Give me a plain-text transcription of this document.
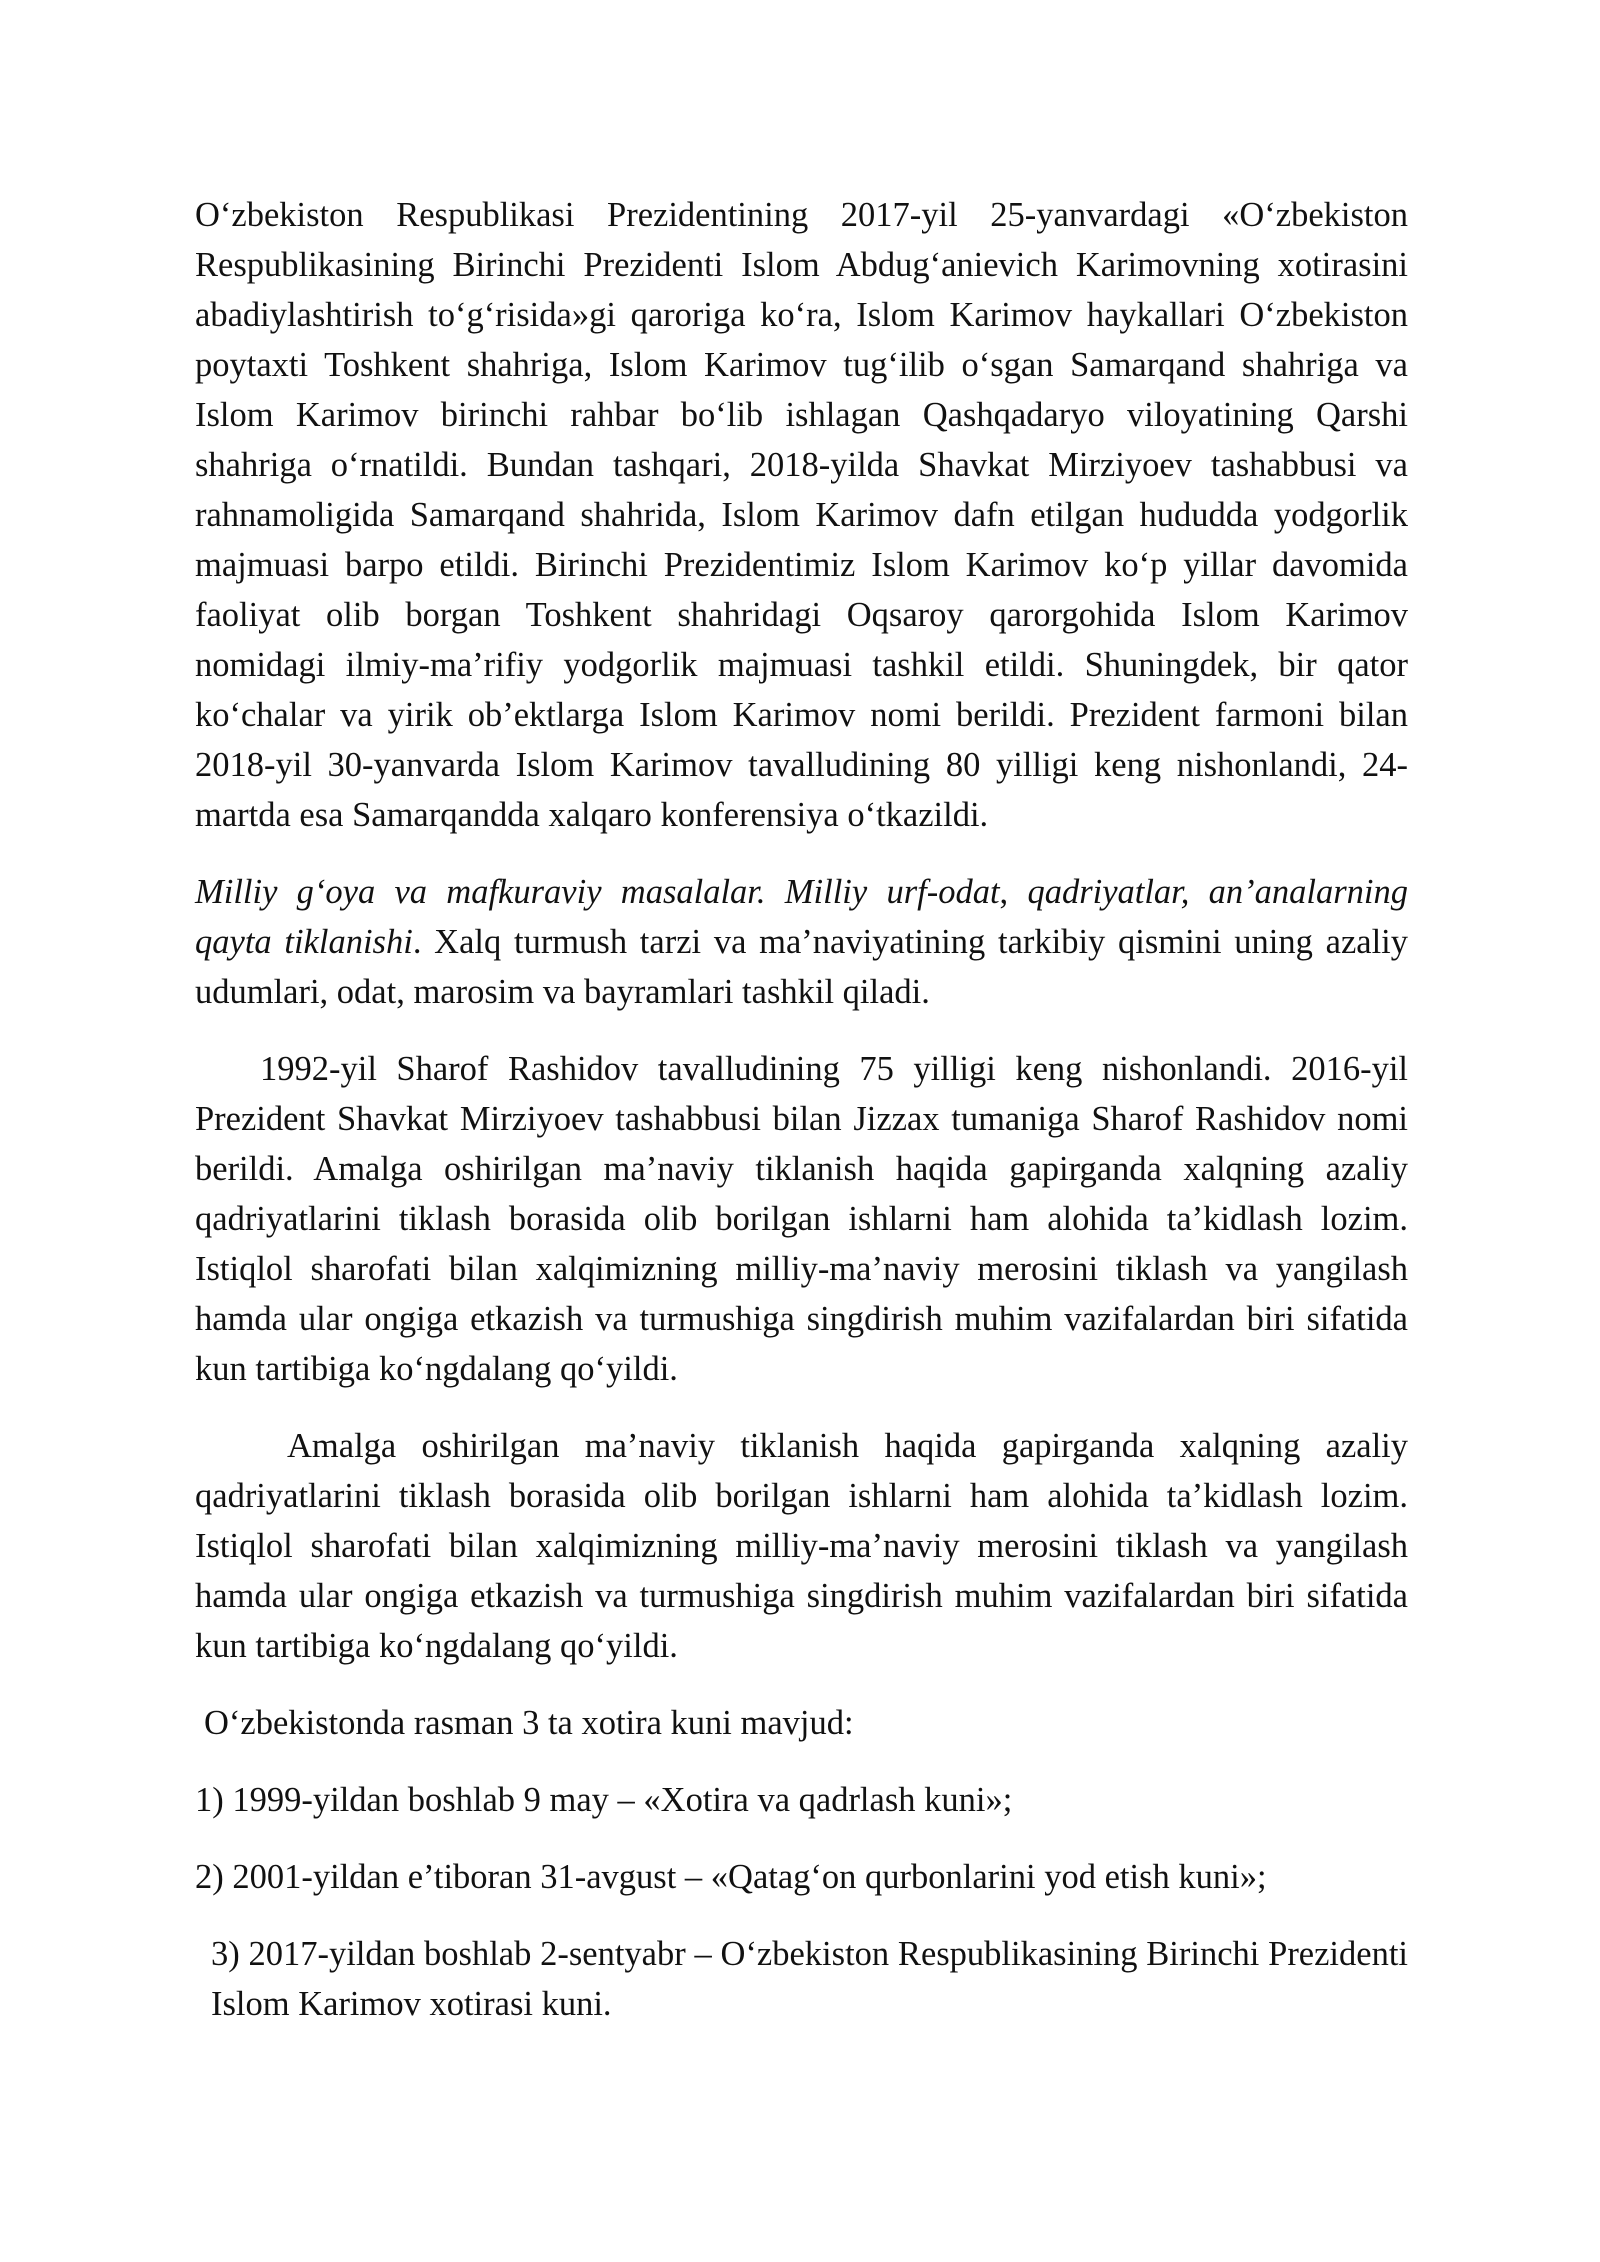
O‘zbekiston Respublikasi Prezidentining 2017-yil 25-yanvardagi «O‘zbekiston Respublikasining Birinchi Prezidenti Islom Abdug‘anievich Karimovning xotirasini abadiylashtirish to‘g‘risida»gi qaroriga ko‘ra, Islom Karimov haykallari O‘zbekiston poytaxti Toshkent shahriga, Islom Karimov tug‘ilib o‘sgan Samarqand shahriga va Islom Karimov birinchi rahbar bo‘lib ishlagan Qashqadaryo viloyatining Qarshi shahriga o‘rnatildi. Bundan tashqari, 2018-yilda Shavkat Mirziyoev tashabbusi va rahnamoligida Samarqand shahrida, Islom Karimov dafn etilgan hududda yodgorlik majmuasi barpo etildi. Birinchi Prezidentimiz Islom Karimov ko‘p yillar davomida faoliyat olib borgan Toshkent shahridagi Oqsaroy qarorgohida Islom Karimov nomidagi ilmiy-ma’rifiy yodgorlik majmuasi tashkil etildi. Shuningdek, bir qator ko‘chalar va yirik ob’ektlarga Islom Karimov nomi berildi. Prezident farmoni bilan 2018-yil 30-yanvarda Islom Karimov tavalludining 80 yilligi keng nishonlandi, 24-martda esa Samarqandda xalqaro konferensiya o‘tkazildi.

Milliy g‘oya va mafkuraviy masalalar. Milliy urf-odat, qadriyatlar, an’analarning qayta tiklanishi. Xalq turmush tarzi va ma’naviyatining tarkibiy qismini uning azaliy udumlari, odat, marosim va bayramlari tashkil qiladi.

1992-yil Sharof Rashidov tavalludining 75 yilligi keng nishonlandi. 2016-yil Prezident Shavkat Mirziyoev tashabbusi bilan Jizzax tumaniga Sharof Rashidov nomi berildi. Amalga oshirilgan ma’naviy tiklanish haqida gapirganda xalqning azaliy qadriyatlarini tiklash borasida olib borilgan ishlarni ham alohida ta’kidlash lozim. Istiqlol sharofati bilan xalqimizning milliy-ma’naviy merosini tiklash va yangilash hamda ular ongiga etkazish va turmushiga singdirish muhim vazifalardan biri sifatida kun tartibiga ko‘ngdalang qo‘yildi.

Amalga oshirilgan ma’naviy tiklanish haqida gapirganda xalqning azaliy qadriyatlarini tiklash borasida olib borilgan ishlarni ham alohida ta’kidlash lozim. Istiqlol sharofati bilan xalqimizning milliy-ma’naviy merosini tiklash va yangilash hamda ular ongiga etkazish va turmushiga singdirish muhim vazifalardan biri sifatida kun tartibiga ko‘ngdalang qo‘yildi.

O‘zbekistonda rasman 3 ta xotira kuni mavjud:

1) 1999-yildan boshlab 9 may – «Xotira va qadrlash kuni»;

2) 2001-yildan e’tiboran 31-avgust – «Qatag‘on qurbonlarini yod etish kuni»;

3) 2017-yildan boshlab 2-sentyabr – O‘zbekiston Respublikasining Birinchi Prezidenti Islom Karimov xotirasi kuni.
